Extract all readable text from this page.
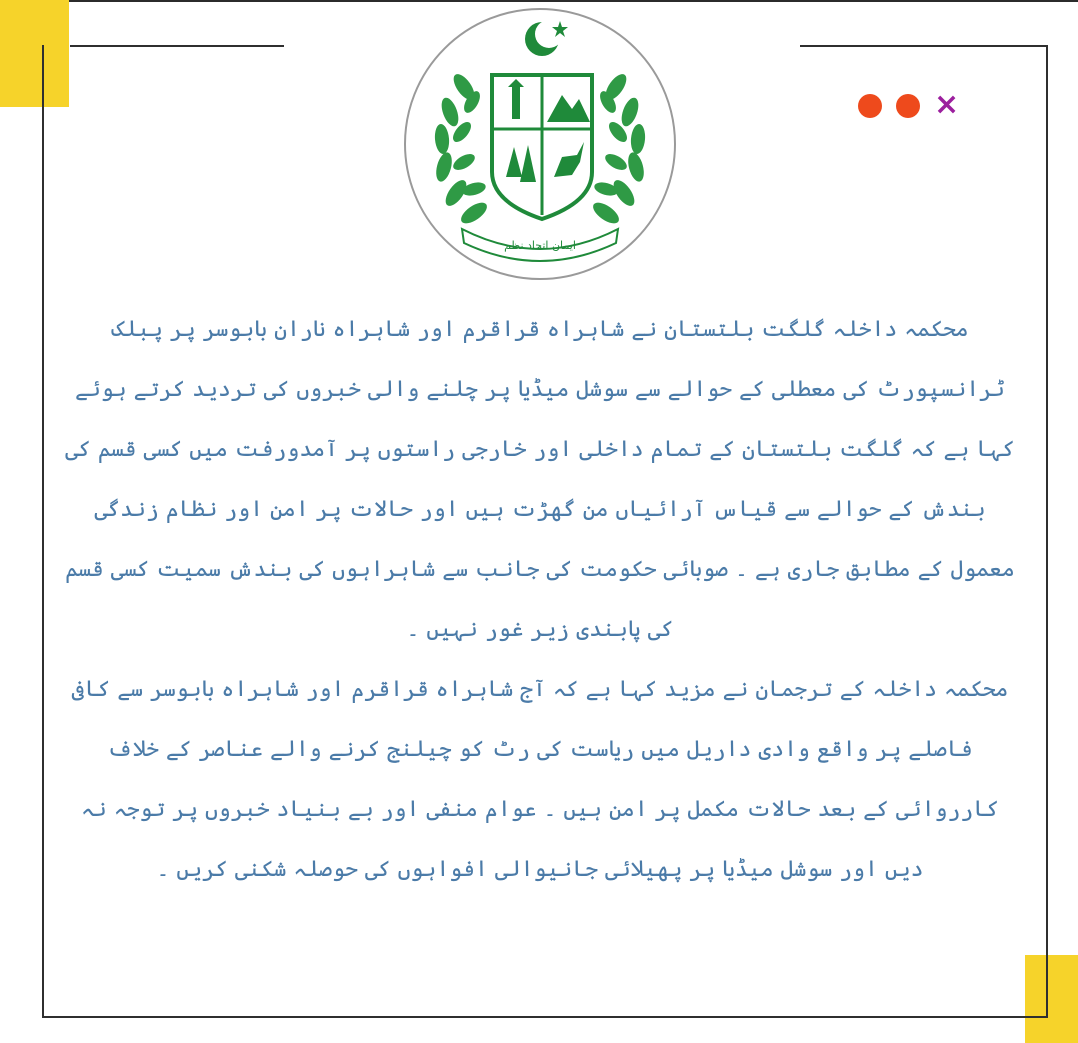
ایمان اتحاد نظم
×

محکمہ داخلہ گلگت بلتستان نے شاہراہ قراقرم اور شاہراہ ناران بابوسر پر پبلک ٹرانسپورٹ کی معطلی کے حوالے سے سوشل میڈیا پر چلنے والی خبروں کی تردید کرتے ہوئے کہا ہے کہ گلگت بلتستان کے تمام داخلی اور خارجی راستوں پر آمدورفت میں کسی قسم کی بندش کے حوالے سے قیاس آرائیاں من گھڑت ہیں اور حالات پر امن اور نظام زندگی معمول کے مطابق جاری ہے ۔ صوبائی حکومت کی جانب سے شاہراہوں کی بندش سمیت کسی قسم کی پابندی زیر غور نہیں ۔

محکمہ داخلہ کے ترجمان نے مزید کہا ہے کہ آج شاہراہ قراقرم اور شاہراہ بابوسر سے کافی فاصلے پر واقع وادی داریل میں ریاست کی رٹ کو چیلنج کرنے والے عناصر کے خلاف کارروائی کے بعد حالات مکمل پر امن ہیں ۔ عوام منفی اور بے بنیاد خبروں پر توجہ نہ دیں اور سوشل میڈیا پر پھیلائی جانیوالی افواہوں کی حوصلہ شکنی کریں ۔
